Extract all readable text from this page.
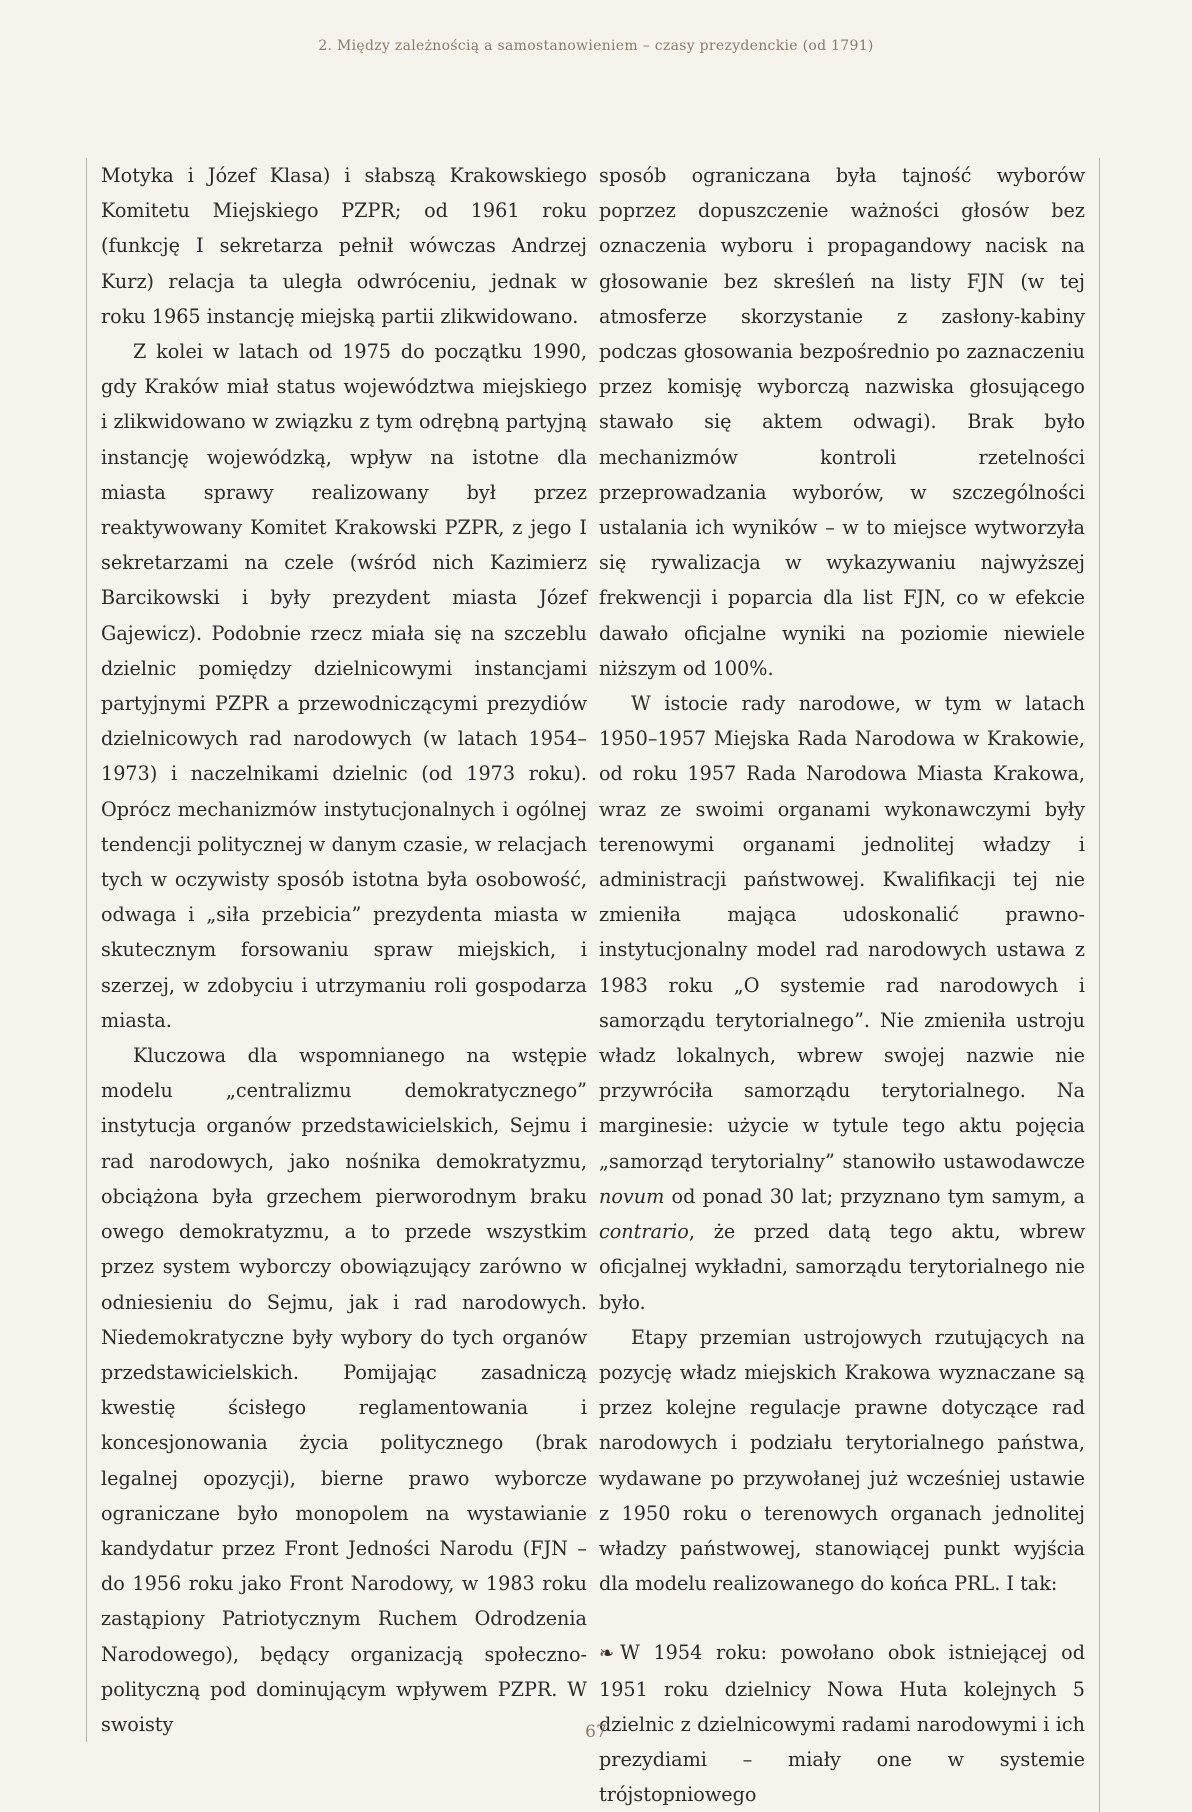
2. Między zależnością a samostanowieniem – czasy prezydenckie (od 1791)

Motyka i Józef Klasa) i słabszą Krakowskiego Komitetu Miejskiego PZPR; od 1961 roku (funkcję I sekretarza pełnił wówczas Andrzej Kurz) relacja ta uległa odwróceniu, jednak w roku 1965 instancję miejską partii zlikwidowano.

Z kolei w latach od 1975 do początku 1990, gdy Kraków miał status województwa miejskiego i zlikwidowano w związku z tym odrębną partyjną instancję wojewódzką, wpływ na istotne dla miasta sprawy realizowany był przez reaktywowany Komitet Krakowski PZPR, z jego I sekretarzami na czele (wśród nich Kazimierz Barcikowski i były prezydent miasta Józef Gajewicz). Podobnie rzecz miała się na szczeblu dzielnic pomiędzy dzielnicowymi instancjami partyjnymi PZPR a przewodniczącymi prezydiów dzielnicowych rad narodowych (w latach 1954–1973) i naczelnikami dzielnic (od 1973 roku). Oprócz mechanizmów instytucjonalnych i ogólnej tendencji politycznej w danym czasie, w relacjach tych w oczywisty sposób istotna była osobowość, odwaga i „siła przebicia” prezydenta miasta w skutecznym forsowaniu spraw miejskich, i szerzej, w zdobyciu i utrzymaniu roli gospodarza miasta.

Kluczowa dla wspomnianego na wstępie modelu „centralizmu demokratycznego” instytucja organów przedstawicielskich, Sejmu i rad narodowych, jako nośnika demokratyzmu, obciążona była grzechem pierworodnym braku owego demokratyzmu, a to przede wszystkim przez system wyborczy obowiązujący zarówno w odniesieniu do Sejmu, jak i rad narodowych. Niedemokratyczne były wybory do tych organów przedstawicielskich. Pomijając zasadniczą kwestię ścisłego reglamentowania i koncesjonowania życia politycznego (brak legalnej opozycji), bierne prawo wyborcze ograniczane było monopolem na wystawianie kandydatur przez Front Jedności Narodu (FJN – do 1956 roku jako Front Narodowy, w 1983 roku zastąpiony Patriotycznym Ruchem Odrodzenia Narodowego), będący organizacją społeczno-polityczną pod dominującym wpływem PZPR. W swoisty

sposób ograniczana była tajność wyborów poprzez dopuszczenie ważności głosów bez oznaczenia wyboru i propagandowy nacisk na głosowanie bez skreśleń na listy FJN (w tej atmosferze skorzystanie z zasłony-kabiny podczas głosowania bezpośrednio po zaznaczeniu przez komisję wyborczą nazwiska głosującego stawało się aktem odwagi). Brak było mechanizmów kontroli rzetelności przeprowadzania wyborów, w szczególności ustalania ich wyników – w to miejsce wytworzyła się rywalizacja w wykazywaniu najwyższej frekwencji i poparcia dla list FJN, co w efekcie dawało oficjalne wyniki na poziomie niewiele niższym od 100%.

W istocie rady narodowe, w tym w latach 1950–1957 Miejska Rada Narodowa w Krakowie, od roku 1957 Rada Narodowa Miasta Krakowa, wraz ze swoimi organami wykonawczymi były terenowymi organami jednolitej władzy i administracji państwowej. Kwalifikacji tej nie zmieniła mająca udoskonalić prawno-instytucjonalny model rad narodowych ustawa z 1983 roku „O systemie rad narodowych i samorządu terytorialnego”. Nie zmieniła ustroju władz lokalnych, wbrew swojej nazwie nie przywróciła samorządu terytorialnego. Na marginesie: użycie w tytule tego aktu pojęcia „samorząd terytorialny” stanowiło ustawodawcze novum od ponad 30 lat; przyznano tym samym, a contrario, że przed datą tego aktu, wbrew oficjalnej wykładni, samorządu terytorialnego nie było.

Etapy przemian ustrojowych rzutujących na pozycję władz miejskich Krakowa wyznaczane są przez kolejne regulacje prawne dotyczące rad narodowych i podziału terytorialnego państwa, wydawane po przywołanej już wcześniej ustawie z 1950 roku o terenowych organach jednolitej władzy państwowej, stanowiącej punkt wyjścia dla modelu realizowanego do końca PRL. I tak:

❧ W 1954 roku: powołano obok istniejącej od 1951 roku dzielnicy Nowa Huta kolejnych 5 dzielnic z dzielnicowymi radami narodowymi i ich prezydiami – miały one w systemie trójstopniowego

67
